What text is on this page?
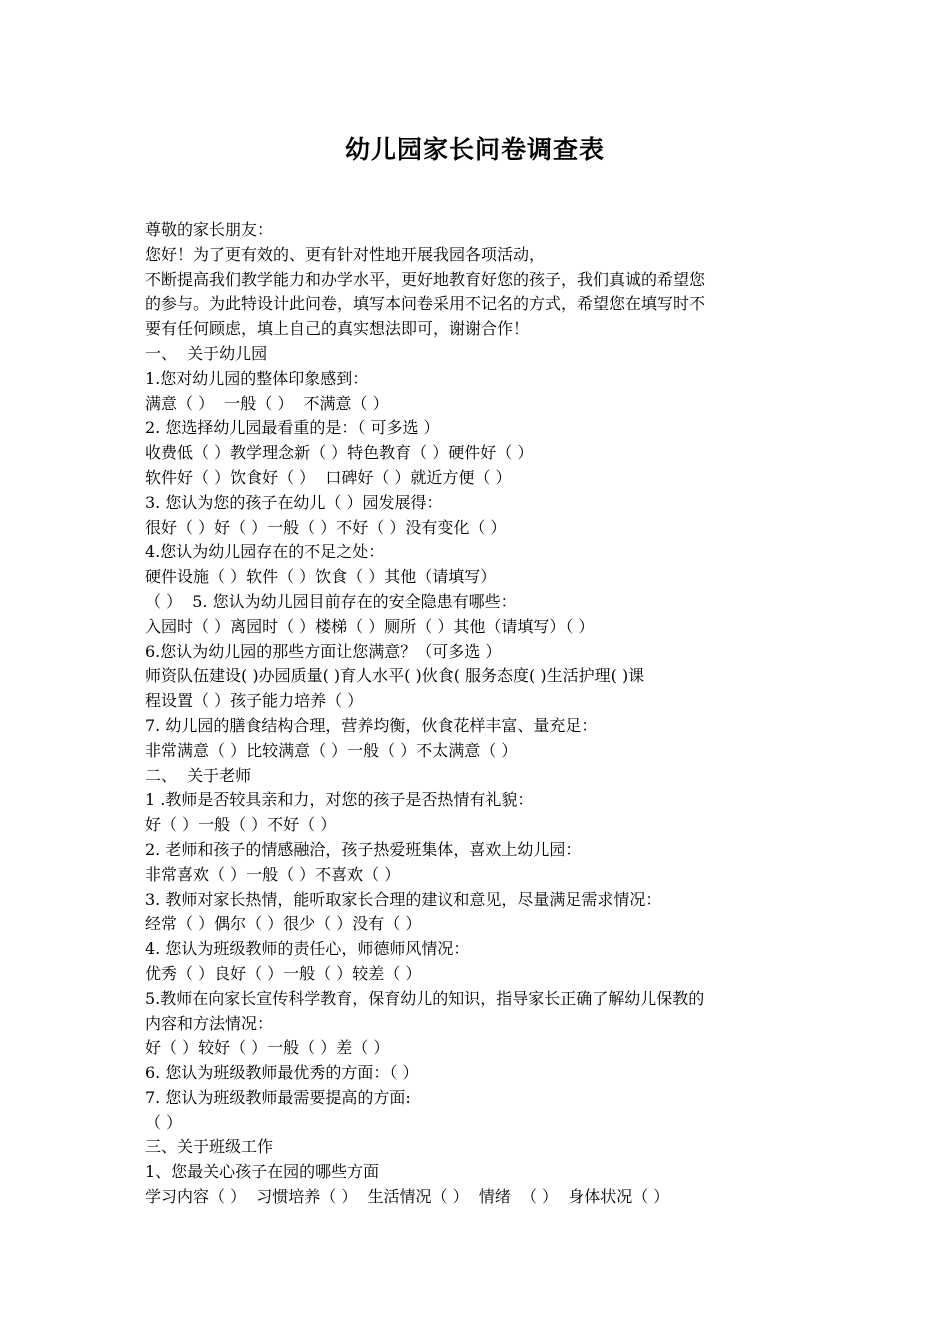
幼儿园家长问卷调查表
尊敬的家长朋友：
您好！为了更有效的、更有针对性地开展我园各项活动，
不断提高我们教学能力和办学水平，更好地教育好您的孩子，我们真诚的希望您
的参与。为此特设计此问卷，填写本问卷采用不记名的方式，希望您在填写时不
要有任何顾虑，填上自己的真实想法即可，谢谢合作！
一、  关于幼儿园
1.您对幼儿园的整体印象感到：
满意（ ）  一般（ ）  不满意（ ）
2. 您选择幼儿园最看重的是：（ 可多选 ）
收费低（ ）教学理念新（ ）特色教育（ ）硬件好（ ）
软件好（ ）饮食好（ ）  口碑好（ ）就近方便（ ）
3. 您认为您的孩子在幼儿（ ）园发展得：
很好（ ）好（ ）一般（ ）不好（ ）没有变化（ ）
4.您认为幼儿园存在的不足之处：
硬件设施（ ）软件（ ）饮食（ ）其他（请填写）
（ ）  5. 您认为幼儿园目前存在的安全隐患有哪些：
入园时（ ）离园时（ ）楼梯（ ）厕所（ ）其他（请填写）（ ）
6.您认为幼儿园的那些方面让您满意？（可多选 ）
师资队伍建设( )办园质量( )育人水平( )伙食( 服务态度( )生活护理( )课
程设置（ ）孩子能力培养（ ）
7. 幼儿园的膳食结构合理，营养均衡，伙食花样丰富、量充足：
非常满意（ ）比较满意（ ）一般（ ）不太满意（ ）
二、  关于老师
1 .教师是否较具亲和力，对您的孩子是否热情有礼貌：
好（ ）一般（ ）不好（ ）
2. 老师和孩子的情感融洽，孩子热爱班集体，喜欢上幼儿园：
非常喜欢（ ）一般（ ）不喜欢（ ）
3. 教师对家长热情，能听取家长合理的建议和意见，尽量满足需求情况：
经常（ ）偶尔（ ）很少（ ）没有（ ）
4. 您认为班级教师的责任心，师德师风情况：
优秀（ ）良好（ ）一般（ ）较差（ ）
5.教师在向家长宣传科学教育，保育幼儿的知识，指导家长正确了解幼儿保教的
内容和方法情况：
好（ ）较好（ ）一般（ ）差（ ）
6. 您认为班级教师最优秀的方面：（ ）
7. 您认为班级教师最需要提高的方面:
（ ）
三、关于班级工作
1、您最关心孩子在园的哪些方面
学习内容（ ）  习惯培养（ ）  生活情况（ ）  情绪  （ ）  身体状况（ ）
